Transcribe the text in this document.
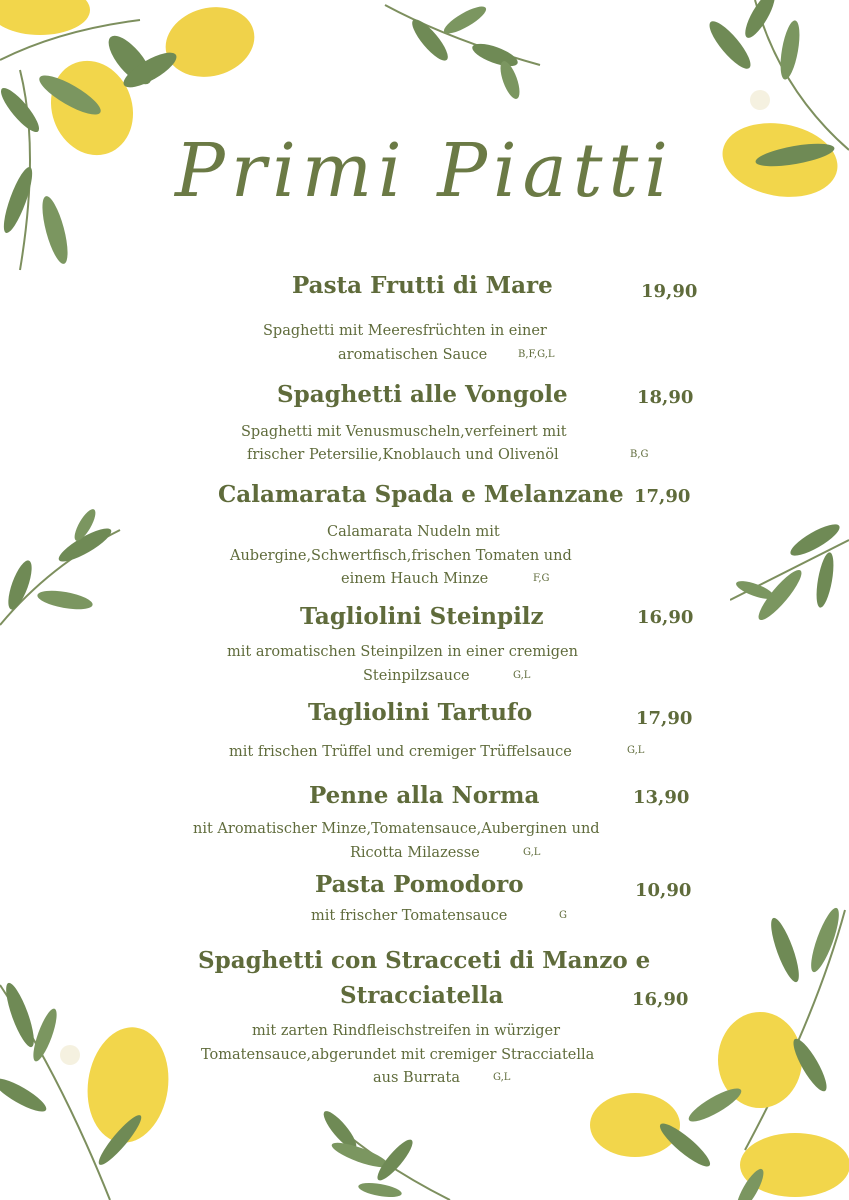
Primi Piatti
Pasta Frutti di Mare	19,90
Spaghetti mit Meeresfrüchten in einer
aromatischen Sauce	B,F,G,L
Spaghetti alle Vongole	18,90
Spaghetti mit Venusmuscheln,verfeinert mit
frischer Petersilie,Knoblauch und Olivenöl	B,G
Calamarata Spada e Melanzane 17,90
Calamarata Nudeln mit
Aubergine,Schwertfisch,frischen Tomaten und
einem Hauch Minze	F,G
Tagliolini Steinpilz	16,90
mit aromatischen Steinpilzen in einer cremigen
Steinpilzsauce	G,L
Tagliolini Tartufo	17,90
mit frischen Trüffel und cremiger Trüffelsauce	G,L
Penne alla Norma	13,90
nit Aromatischer Minze,Tomatensauce,Auberginen und
Ricotta Milazesse	G,L
Pasta Pomodoro	10,90
mit frischer Tomatensauce	G
Spaghetti con Stracceti di Manzo e
Stracciatella	16,90
mit zarten Rindfleischstreifen in würziger
Tomatensauce,abgerundet mit cremiger Stracciatella
aus Burrata	G,L
